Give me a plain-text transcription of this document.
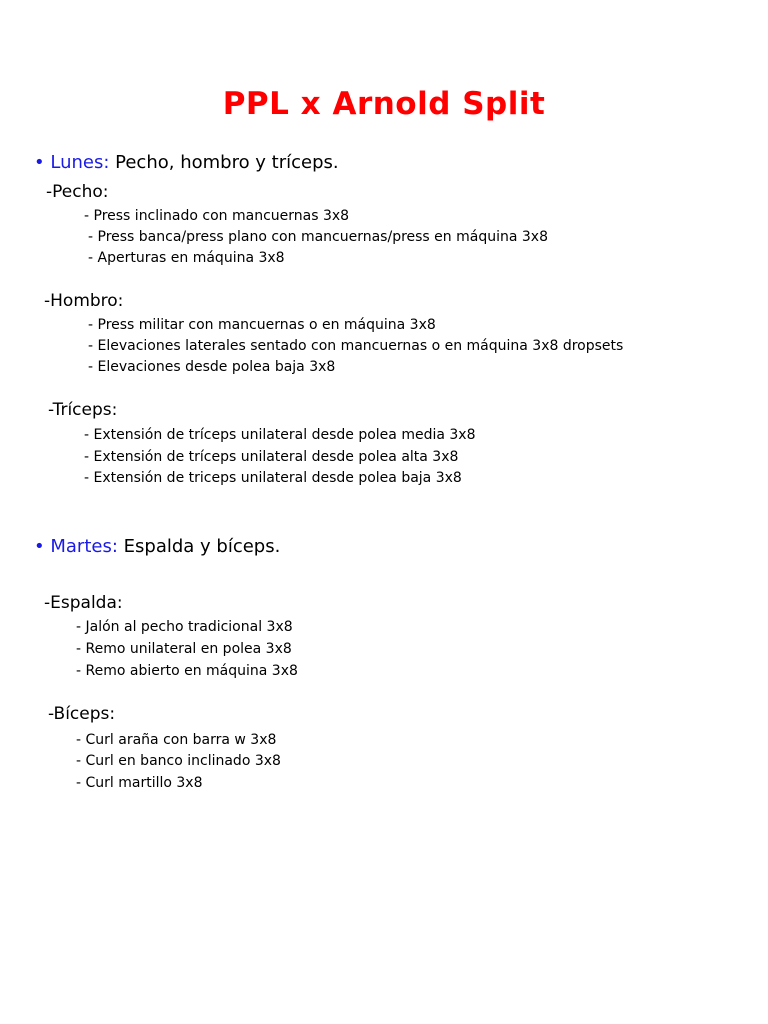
PPL x Arnold Split
• Lunes: Pecho, hombro y tríceps.
-Pecho:
- Press inclinado con mancuernas 3x8
- Press banca/press plano con mancuernas/press en máquina 3x8
- Aperturas en máquina 3x8
-Hombro:
- Press militar con mancuernas o en máquina 3x8
- Elevaciones laterales sentado con mancuernas o en máquina 3x8 dropsets
- Elevaciones desde polea baja 3x8
-Tríceps:
- Extensión de tríceps unilateral desde polea media 3x8
- Extensión de tríceps unilateral desde polea alta 3x8
- Extensión de triceps unilateral desde polea baja 3x8
• Martes: Espalda y bíceps.
-Espalda:
- Jalón al pecho tradicional 3x8
- Remo unilateral en polea 3x8
- Remo abierto en máquina 3x8
-Bíceps:
- Curl araña con barra w 3x8
- Curl en banco inclinado 3x8
- Curl martillo 3x8
